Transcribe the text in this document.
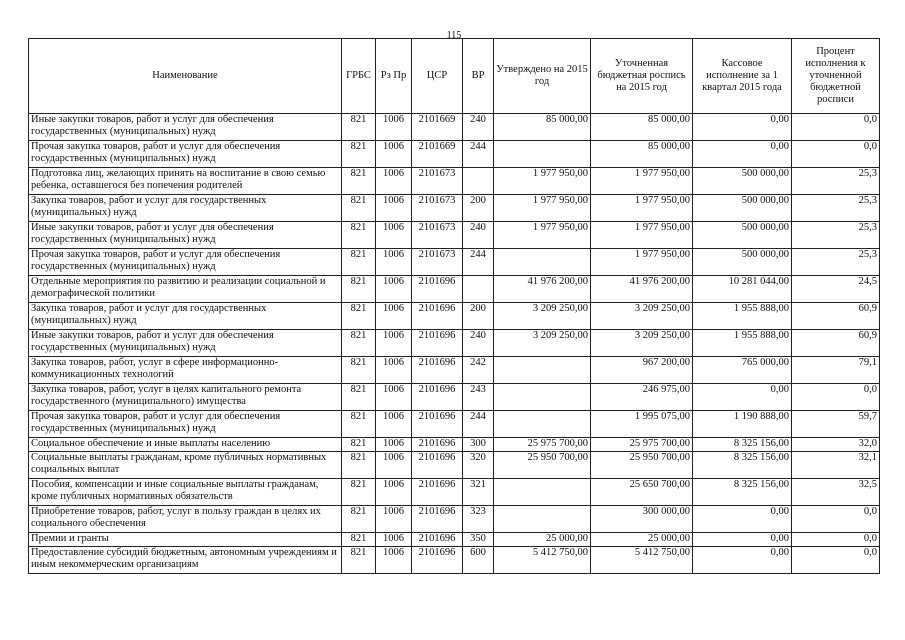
115
Наименование	ГРБС	Рз Пр	ЦСР	ВР	Утверждено на 2015 год	Уточненная бюджетная роспись на 2015 год	Кассовое исполнение за 1 квартал 2015 года	Процент исполнения к уточненной бюджетной росписи
Иные закупки товаров, работ и услуг для обеспечения государственных (муниципальных) нужд	821	1006	2101669	240	85 000,00	85 000,00	0,00	0,0
Прочая закупка товаров, работ и услуг для обеспечения государственных (муниципальных) нужд	821	1006	2101669	244		85 000,00	0,00	0,0
Подготовка лиц, желающих принять на воспитание в свою семью ребенка, оставшегося без попечения родителей	821	1006	2101673		1 977 950,00	1 977 950,00	500 000,00	25,3
Закупка товаров, работ и услуг для государственных (муниципальных) нужд	821	1006	2101673	200	1 977 950,00	1 977 950,00	500 000,00	25,3
Иные закупки товаров, работ и услуг для обеспечения государственных (муниципальных) нужд	821	1006	2101673	240	1 977 950,00	1 977 950,00	500 000,00	25,3
Прочая закупка товаров, работ и услуг для обеспечения государственных (муниципальных) нужд	821	1006	2101673	244		1 977 950,00	500 000,00	25,3
Отдельные мероприятия по развитию и реализации социальной и демографической политики	821	1006	2101696		41 976 200,00	41 976 200,00	10 281 044,00	24,5
Закупка товаров, работ и услуг для государственных (муниципальных) нужд	821	1006	2101696	200	3 209 250,00	3 209 250,00	1 955 888,00	60,9
Иные закупки товаров, работ и услуг для обеспечения государственных (муниципальных) нужд	821	1006	2101696	240	3 209 250,00	3 209 250,00	1 955 888,00	60,9
Закупка товаров, работ, услуг в сфере информационно-коммуникационных технологий	821	1006	2101696	242		967 200,00	765 000,00	79,1
Закупка товаров, работ, услуг в целях капитального ремонта государственного (муниципального) имущества	821	1006	2101696	243		246 975,00	0,00	0,0
Прочая закупка товаров, работ и услуг для обеспечения государственных (муниципальных) нужд	821	1006	2101696	244		1 995 075,00	1 190 888,00	59,7
Социальное обеспечение и иные выплаты населению	821	1006	2101696	300	25 975 700,00	25 975 700,00	8 325 156,00	32,0
Социальные выплаты гражданам, кроме публичных нормативных социальных выплат	821	1006	2101696	320	25 950 700,00	25 950 700,00	8 325 156,00	32,1
Пособия, компенсации и иные социальные выплаты гражданам, кроме публичных нормативных обязательств	821	1006	2101696	321		25 650 700,00	8 325 156,00	32,5
Приобретение товаров, работ, услуг в пользу граждан в целях их социального обеспечения	821	1006	2101696	323		300 000,00	0,00	0,0
Премии и гранты	821	1006	2101696	350	25 000,00	25 000,00	0,00	0,0
Предоставление субсидий бюджетным, автономным учреждениям и иным некоммерческим организациям	821	1006	2101696	600	5 412 750,00	5 412 750,00	0,00	0,0
